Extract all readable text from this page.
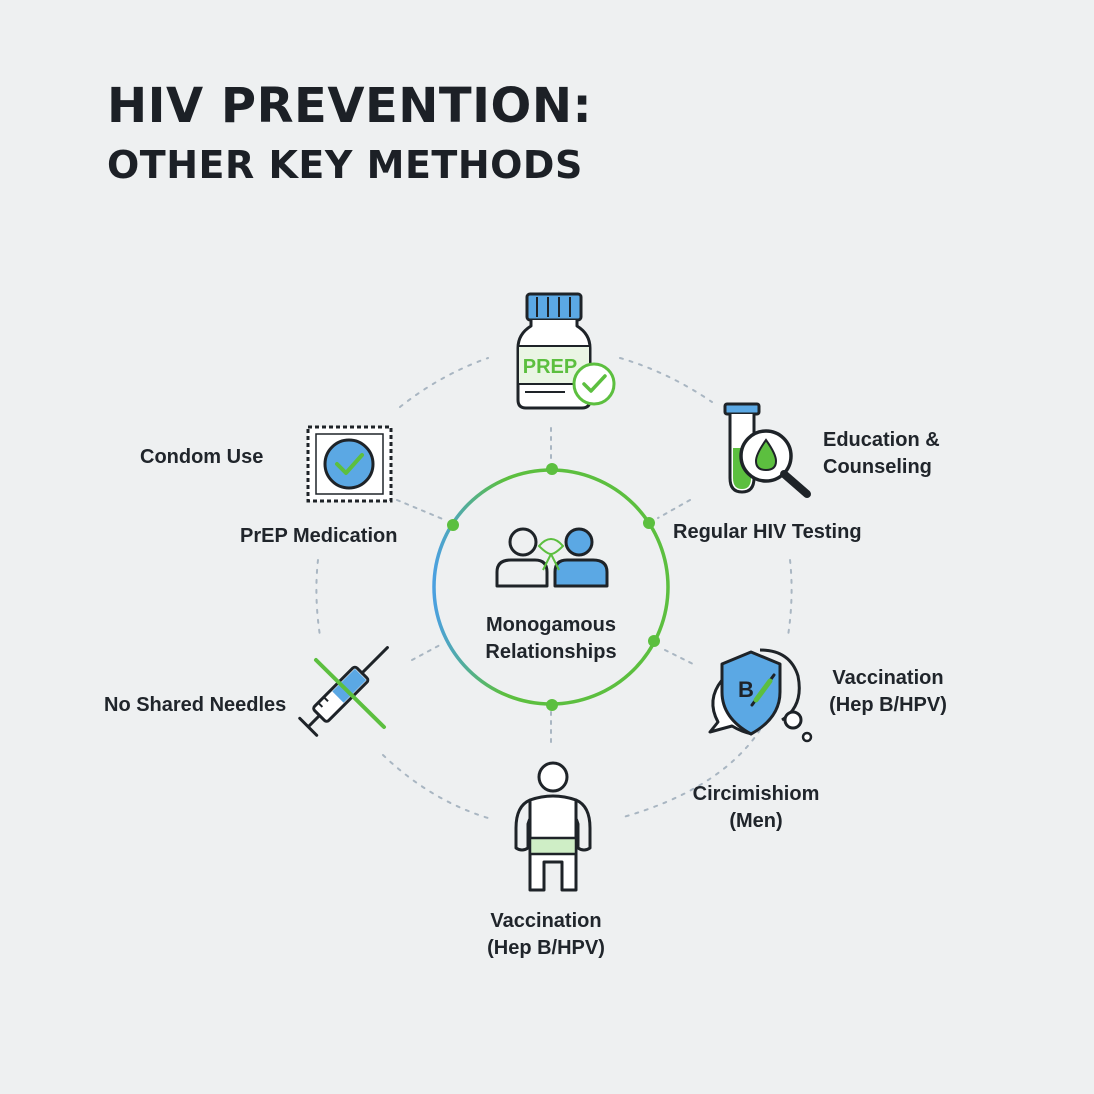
HIV PREVENTION:
OTHER KEY METHODS
PREP
B
Monogamous
Relationships
Condom Use
PrEP Medication
Education &
Counseling
Regular HIV Testing
No Shared Needles
Vaccination
(Hep B/HPV)
Circimishiom
(Men)
Vaccination
(Hep B/HPV)
